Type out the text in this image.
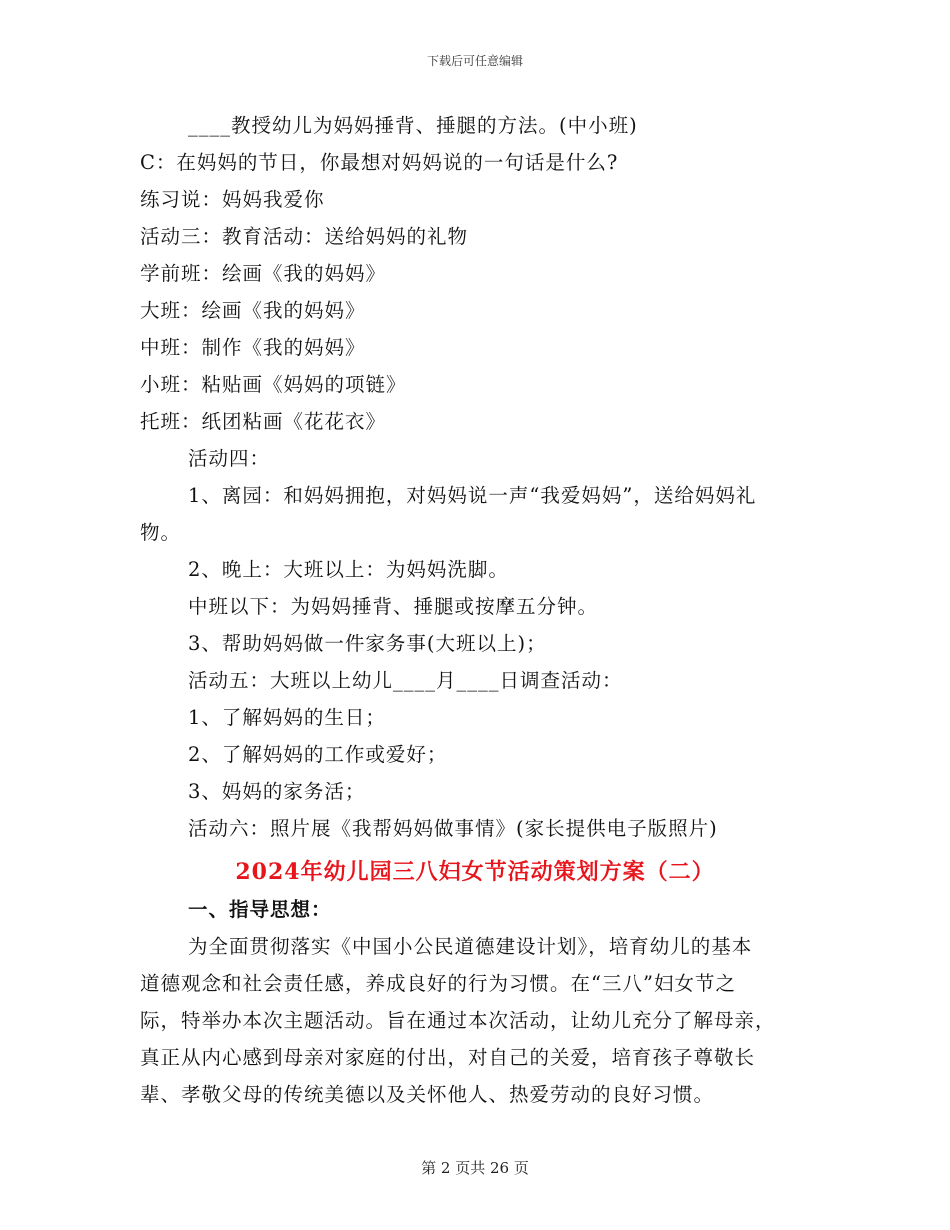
下载后可任意编辑
____教授幼儿为妈妈捶背、捶腿的方法。(中小班)
C：在妈妈的节日，你最想对妈妈说的一句话是什么?
练习说：妈妈我爱你
活动三：教育活动：送给妈妈的礼物
学前班：绘画《我的妈妈》
大班：绘画《我的妈妈》
中班：制作《我的妈妈》
小班：粘贴画《妈妈的项链》
托班：纸团粘画《花花衣》
活动四：
1、离园：和妈妈拥抱，对妈妈说一声“我爱妈妈”，送给妈妈礼
物。
2、晚上：大班以上：为妈妈洗脚。
中班以下：为妈妈捶背、捶腿或按摩五分钟。
3、帮助妈妈做一件家务事(大班以上)；
活动五：大班以上幼儿____月____日调查活动：
1、了解妈妈的生日；
2、了解妈妈的工作或爱好；
3、妈妈的家务活；
活动六：照片展《我帮妈妈做事情》(家长提供电子版照片)
2024年幼儿园三八妇女节活动策划方案（二）
一、指导思想：
为全面贯彻落实《中国小公民道德建设计划》，培育幼儿的基本
道德观念和社会责任感，养成良好的行为习惯。在“三八”妇女节之
际，特举办本次主题活动。旨在通过本次活动，让幼儿充分了解母亲，
真正从内心感到母亲对家庭的付出，对自己的关爱，培育孩子尊敬长
辈、孝敬父母的传统美德以及关怀他人、热爱劳动的良好习惯。
第 2 页共 26 页
